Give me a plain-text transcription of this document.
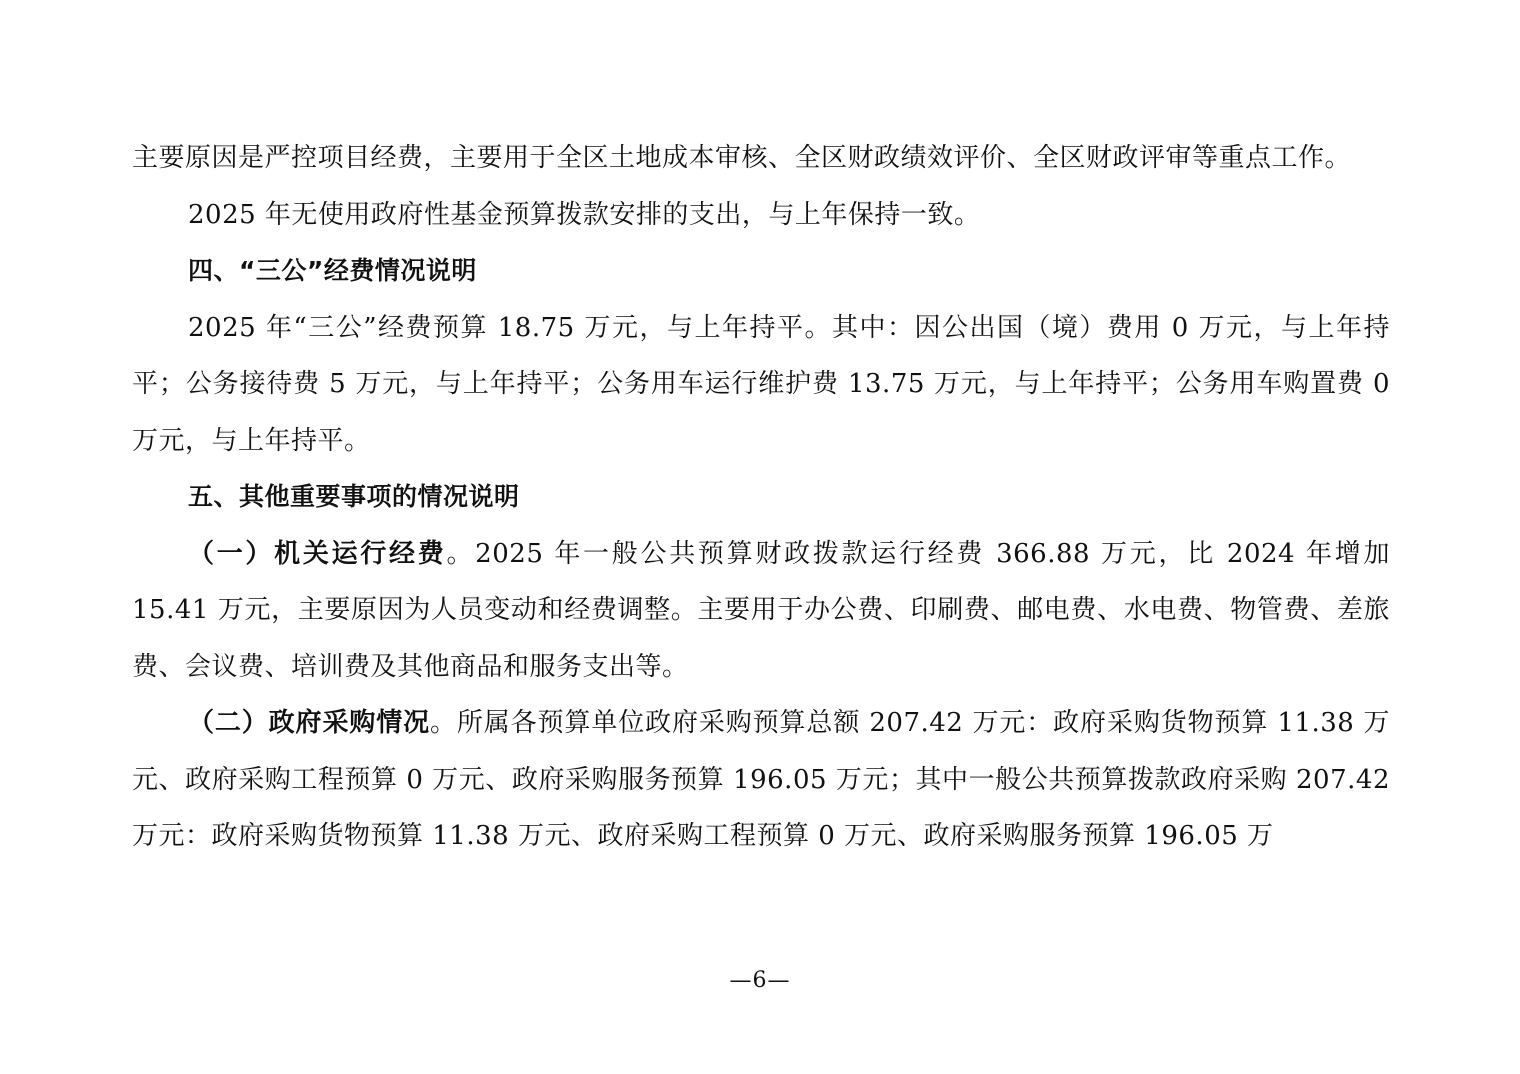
主要原因是严控项目经费，主要用于全区土地成本审核、全区财政绩效评价、全区财政评审等重点工作。

2025 年无使用政府性基金预算拨款安排的支出，与上年保持一致。

四、“三公”经费情况说明

2025 年“三公”经费预算 18.75 万元，与上年持平。其中：因公出国（境）费用 0 万元，与上年持平；公务接待费 5 万元，与上年持平；公务用车运行维护费 13.75 万元，与上年持平；公务用车购置费 0 万元，与上年持平。

五、其他重要事项的情况说明

（一）机关运行经费。2025 年一般公共预算财政拨款运行经费 366.88 万元，比 2024 年增加 15.41 万元，主要原因为人员变动和经费调整。主要用于办公费、印刷费、邮电费、水电费、物管费、差旅费、会议费、培训费及其他商品和服务支出等。

（二）政府采购情况。所属各预算单位政府采购预算总额 207.42 万元：政府采购货物预算 11.38 万元、政府采购工程预算 0 万元、政府采购服务预算 196.05 万元；其中一般公共预算拨款政府采购 207.42 万元：政府采购货物预算 11.38 万元、政府采购工程预算 0 万元、政府采购服务预算 196.05 万

—6—
